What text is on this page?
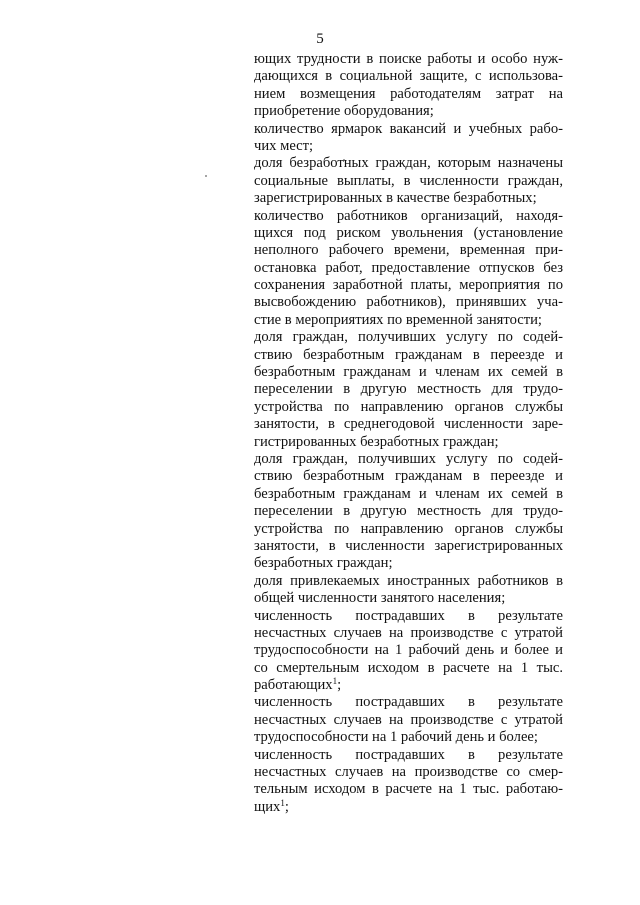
5
ющих трудности в поиске работы и особо нуж-
дающихся в социальной защите, с использова-
нием возмещения работодателям затрат на
приобретение оборудования;
количество ярмарок вакансий и учебных рабо-
чих мест;
доля безработных граждан, которым назначены
социальные выплаты, в численности граждан,
зарегистрированных в качестве безработных;
количество работников организаций, находя-
щихся под риском увольнения (установление
неполного рабочего времени, временная при-
остановка работ, предоставление отпусков без
сохранения заработной платы, мероприятия по
высвобождению работников), принявших уча-
стие в мероприятиях по временной занятости;
доля граждан, получивших услугу по содей-
ствию безработным гражданам в переезде и
безработным гражданам и членам их семей в
переселении в другую местность для трудо-
устройства по направлению органов службы
занятости, в среднегодовой численности заре-
гистрированных безработных граждан;
доля граждан, получивших услугу по содей-
ствию безработным гражданам в переезде и
безработным гражданам и членам их семей в
переселении в другую местность для трудо-
устройства по направлению органов службы
занятости, в численности зарегистрированных
безработных граждан;
доля привлекаемых иностранных работников в
общей численности занятого населения;
численность пострадавших в результате
несчастных случаев на производстве с утратой
трудоспособности на 1 рабочий день и более и
со смертельным исходом в расчете на 1 тыс.
работающих$^1$;
численность пострадавших в результате
несчастных случаев на производстве с утратой
трудоспособности на 1 рабочий день и более;
численность пострадавших в результате
несчастных случаев на производстве со смер-
тельным исходом в расчете на 1 тыс. работаю-
щих$^1$;
